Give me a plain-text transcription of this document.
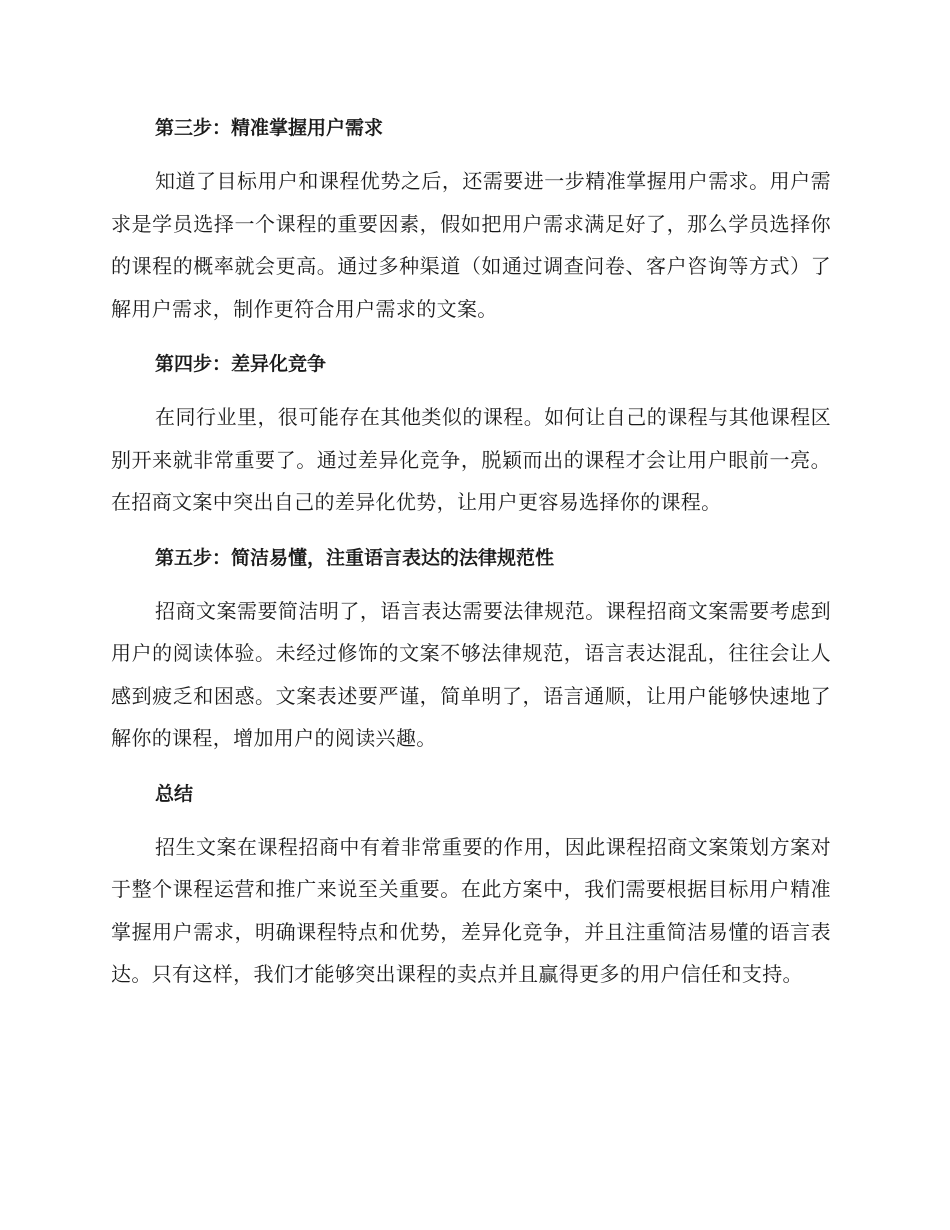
第三步：精准掌握用户需求

知道了目标用户和课程优势之后，还需要进一步精准掌握用户需求。用户需求是学员选择一个课程的重要因素，假如把用户需求满足好了，那么学员选择你的课程的概率就会更高。通过多种渠道（如通过调查问卷、客户咨询等方式）了解用户需求，制作更符合用户需求的文案。

第四步：差异化竞争

在同行业里，很可能存在其他类似的课程。如何让自己的课程与其他课程区别开来就非常重要了。通过差异化竞争，脱颖而出的课程才会让用户眼前一亮。在招商文案中突出自己的差异化优势，让用户更容易选择你的课程。

第五步：简洁易懂，注重语言表达的法律规范性

招商文案需要简洁明了，语言表达需要法律规范。课程招商文案需要考虑到用户的阅读体验。未经过修饰的文案不够法律规范，语言表达混乱，往往会让人感到疲乏和困惑。文案表述要严谨，简单明了，语言通顺，让用户能够快速地了解你的课程，增加用户的阅读兴趣。

总结

招生文案在课程招商中有着非常重要的作用，因此课程招商文案策划方案对于整个课程运营和推广来说至关重要。在此方案中，我们需要根据目标用户精准掌握用户需求，明确课程特点和优势，差异化竞争，并且注重简洁易懂的语言表达。只有这样，我们才能够突出课程的卖点并且赢得更多的用户信任和支持。
